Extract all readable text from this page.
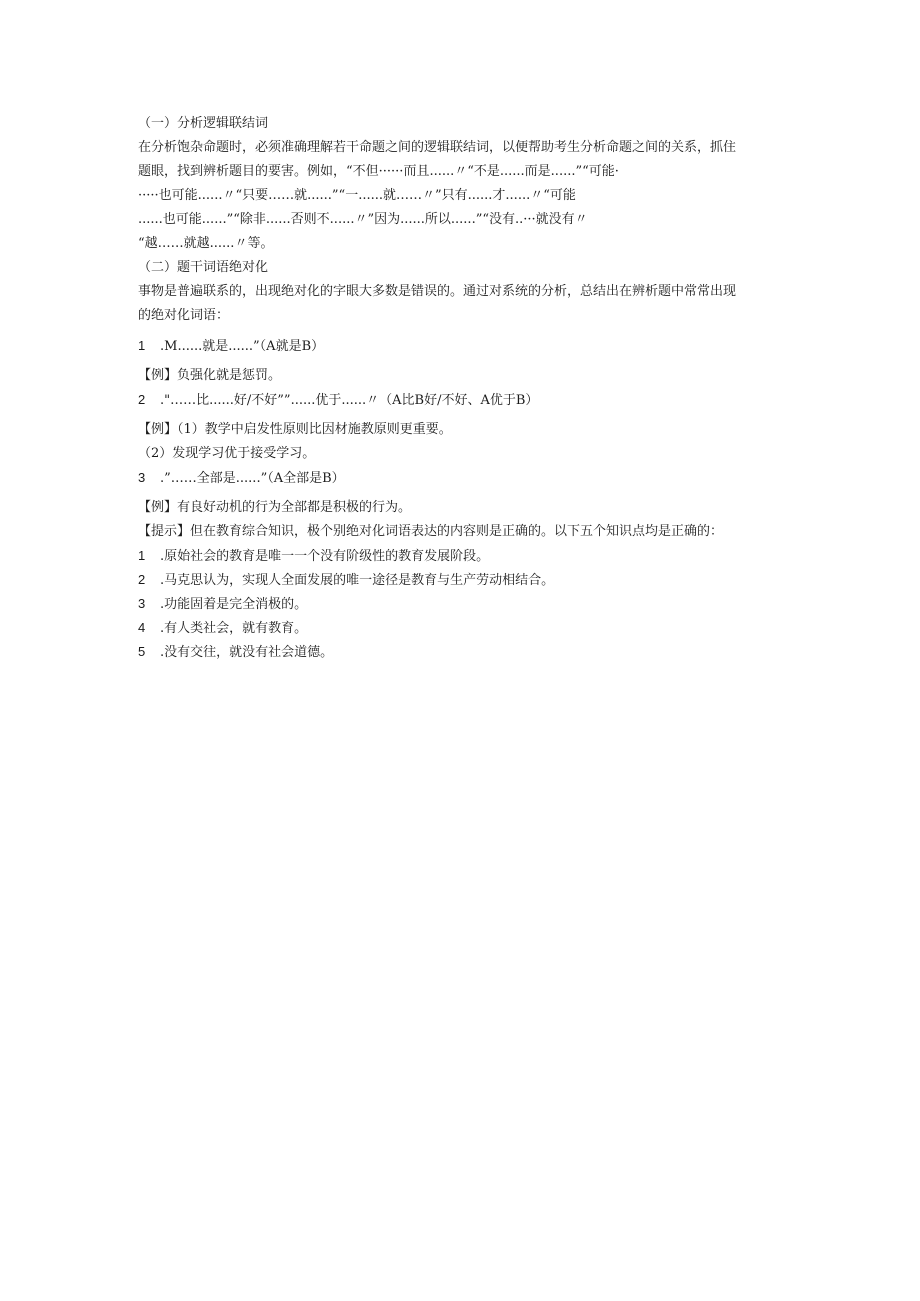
（一）分析逻辑联结词
在分析饱杂命题时，必须准确理解若干命题之间的逻辑联结词，以便帮助考生分析命题之间的关系，抓住
题眼，找到辨析题目的要害。例如，“不但······而且......〃“不是......而是......”“可能·
·····也可能......〃“只要……就......”“一......就……〃”只有......才......〃“可能
......也可能......”“除非......否则不......〃”因为......所以......”“没有..···就没有〃
“越……就越......〃等。
（二）题干词语绝对化
事物是普遍联系的，出现绝对化的字眼大多数是错误的。通过对系统的分析，总结出在辨析题中常常出现
的绝对化词语：
1 .M......就是......”（A就是B）
【例】负强化就是惩罚。
2 ."……比......好/不好””......优于......〃（A比B好/不好、A优于B）
【例】（1）教学中启发性原则比因材施教原则更重要。
（2）发现学习优于接受学习。
3 .”……全部是......”（A全部是B）
【例】有良好动机的行为全部都是积极的行为。
【提示】但在教育综合知识，极个别绝对化词语表达的内容则是正确的。以下五个知识点均是正确的：
1 .原始社会的教育是唯一一个没有阶级性的教育发展阶段。
2 .马克思认为，实现人全面发展的唯一途径是教育与生产劳动相结合。
3 .功能固着是完全消极的。
4 .有人类社会，就有教育。
5 .没有交往，就没有社会道德。
